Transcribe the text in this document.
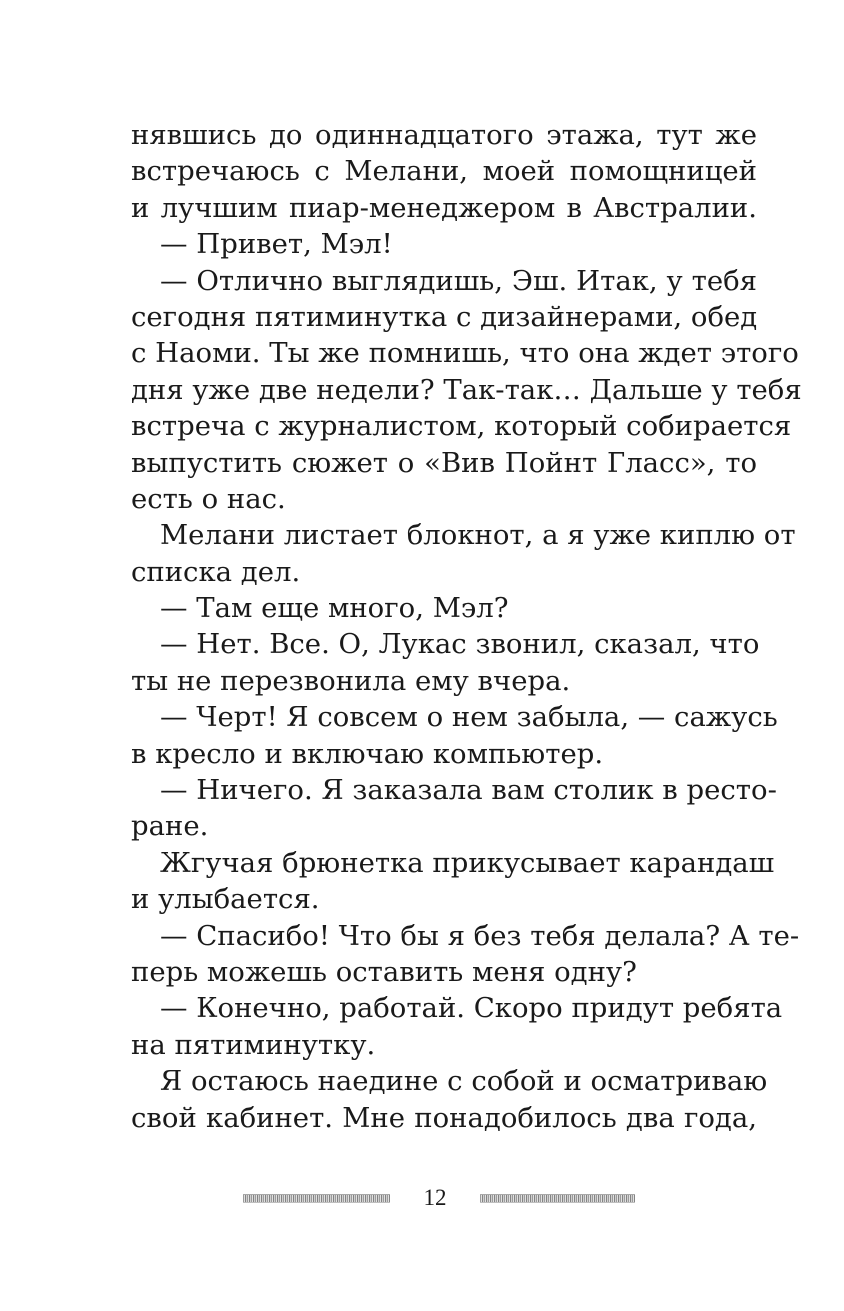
нявшись до одиннадцатого этажа, тут же
встречаюсь с Мелани, моей помощницей
и лучшим пиар-менеджером в Австралии.
— Привет, Мэл!
— Отлично выглядишь, Эш. Итак, у тебя
сегодня пятиминутка с дизайнерами, обед
с Наоми. Ты же помнишь, что она ждет этого
дня уже две недели? Так-так… Дальше у тебя
встреча с журналистом, который собирается
выпустить сюжет о «Вив Пойнт Гласс», то
есть о нас.
Мелани листает блокнот, а я уже киплю от
списка дел.
— Там еще много, Мэл?
— Нет. Все. О, Лукас звонил, сказал, что
ты не перезвонила ему вчера.
— Черт! Я совсем о нем забыла, — сажусь
в кресло и включаю компьютер.
— Ничего. Я заказала вам столик в ресто-
ране.
Жгучая брюнетка прикусывает карандаш
и улыбается.
— Спасибо! Что бы я без тебя делала? А те-
перь можешь оставить меня одну?
— Конечно, работай. Скоро придут ребята
на пятиминутку.
Я остаюсь наедине с собой и осматриваю
свой кабинет. Мне понадобилось два года,
12
